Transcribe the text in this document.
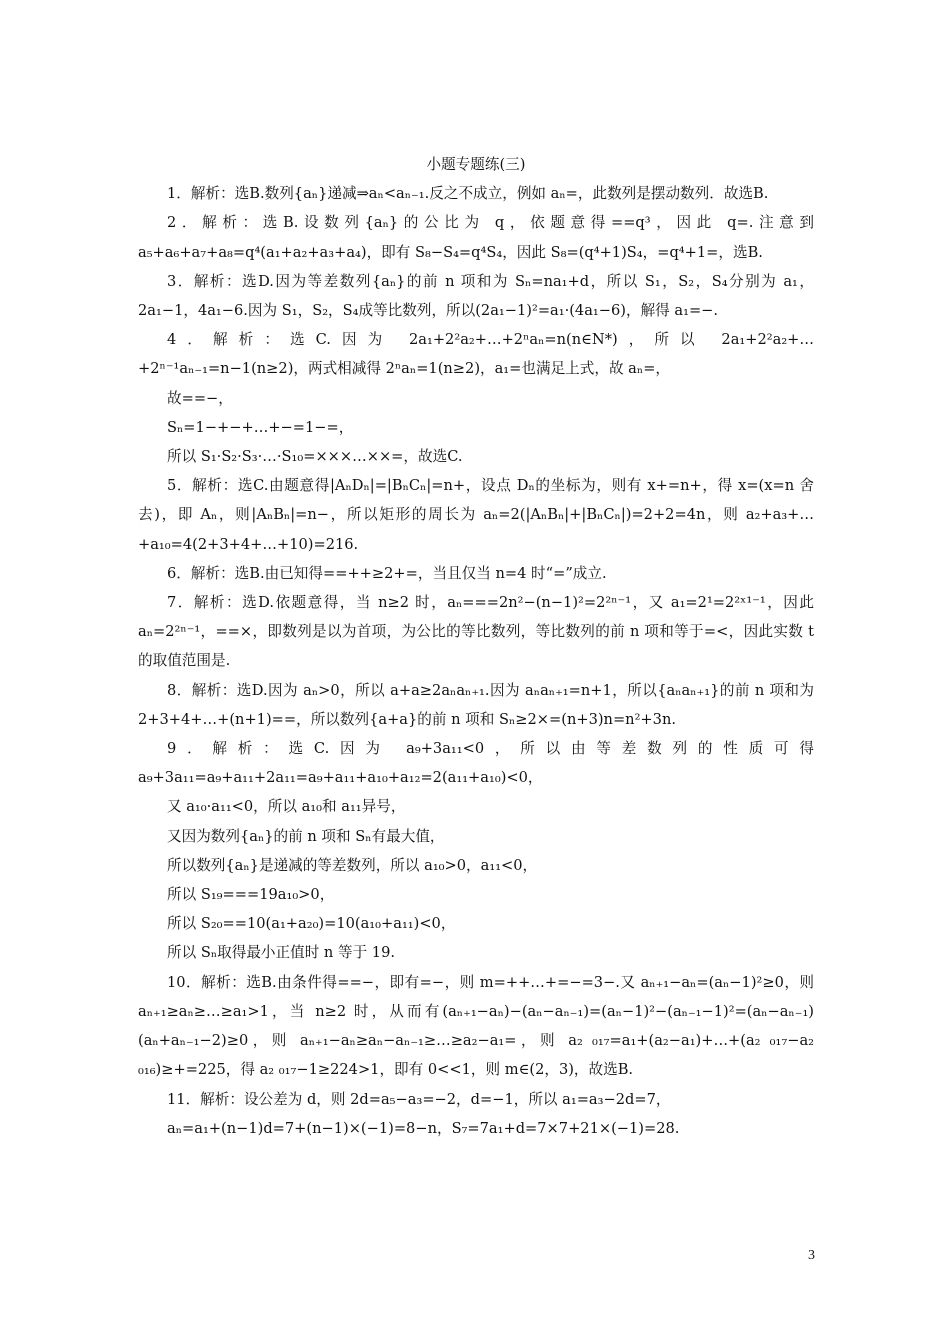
小题专题练(三)

1．解析：选B.数列{aₙ}递减⇒aₙ<aₙ₋₁.反之不成立，例如 aₙ=，此数列是摆动数列．故选B.

2．解析：选B.设数列{aₙ}的公比为 q，依题意得==q³，因此 q=.注意到 a₅+a₆+a₇+a₈=q⁴(a₁+a₂+a₃+a₄)，即有 S₈−S₄=q⁴S₄，因此 S₈=(q⁴+1)S₄，=q⁴+1=，选B.

3．解析：选D.因为等差数列{aₙ}的前 n 项和为 Sₙ=na₁+d，所以 S₁，S₂，S₄分别为 a₁，2a₁−1，4a₁−6.因为 S₁，S₂，S₄成等比数列，所以(2a₁−1)²=a₁·(4a₁−6)，解得 a₁=−.

4．解析：选C.因为 2a₁+2²a₂+…+2ⁿaₙ=n(n∈N*)，所以 2a₁+2²a₂+…+2ⁿ⁻¹aₙ₋₁=n−1(n≥2)，两式相减得 2ⁿaₙ=1(n≥2)，a₁=也满足上式，故 aₙ=，

故==−，

Sₙ=1−+−+…+−=1−=，

所以 S₁·S₂·S₃·…·S₁₀=×××…××=，故选C.

5．解析：选C.由题意得|AₙDₙ|=|BₙCₙ|=n+，设点 Dₙ的坐标为，则有 x+=n+，得 x=(x=n 舍去)，即 Aₙ，则|AₙBₙ|=n−，所以矩形的周长为 aₙ=2(|AₙBₙ|+|BₙCₙ|)=2+2=4n，则 a₂+a₃+…+a₁₀=4(2+3+4+…+10)=216.

6．解析：选B.由已知得==++≥2+=，当且仅当 n=4 时“=”成立.

7．解析：选D.依题意得，当 n≥2 时，aₙ===2n²−(n−1)²=2²ⁿ⁻¹，又 a₁=2¹=2²ˣ¹⁻¹，因此 aₙ=2²ⁿ⁻¹，==×，即数列是以为首项，为公比的等比数列，等比数列的前 n 项和等于=<，因此实数 t 的取值范围是.

8．解析：选D.因为 aₙ>0，所以 a+a≥2aₙaₙ₊₁.因为 aₙaₙ₊₁=n+1，所以{aₙaₙ₊₁}的前 n 项和为 2+3+4+…+(n+1)==，所以数列{a+a}的前 n 项和 Sₙ≥2×=(n+3)n=n²+3n.

9．解析：选C.因为 a₉+3a₁₁<0，所以由等差数列的性质可得 a₉+3a₁₁=a₉+a₁₁+2a₁₁=a₉+a₁₁+a₁₀+a₁₂=2(a₁₁+a₁₀)<0，

又 a₁₀·a₁₁<0，所以 a₁₀和 a₁₁异号，

又因为数列{aₙ}的前 n 项和 Sₙ有最大值，

所以数列{aₙ}是递减的等差数列，所以 a₁₀>0，a₁₁<0，

所以 S₁₉===19a₁₀>0，

所以 S₂₀==10(a₁+a₂₀)=10(a₁₀+a₁₁)<0，

所以 Sₙ取得最小正值时 n 等于 19.

10．解析：选B.由条件得==−，即有=−，则 m=++…+=−=3−.又 aₙ₊₁−aₙ=(aₙ−1)²≥0，则 aₙ₊₁≥aₙ≥…≥a₁>1，当 n≥2 时，从而有(aₙ₊₁−aₙ)−(aₙ−aₙ₋₁)=(aₙ−1)²−(aₙ₋₁−1)²=(aₙ−aₙ₋₁)(aₙ+aₙ₋₁−2)≥0，则 aₙ₊₁−aₙ≥aₙ−aₙ₋₁≥…≥a₂−a₁=，则 a₂ ₀₁₇=a₁+(a₂−a₁)+…+(a₂ ₀₁₇−a₂ ₀₁₆)≥+=225，得 a₂ ₀₁₇−1≥224>1，即有 0<<1，则 m∈(2，3)，故选B.

11．解析：设公差为 d，则 2d=a₅−a₃=−2，d=−1，所以 a₁=a₃−2d=7，

aₙ=a₁+(n−1)d=7+(n−1)×(−1)=8−n，S₇=7a₁+d=7×7+21×(−1)=28.

3
